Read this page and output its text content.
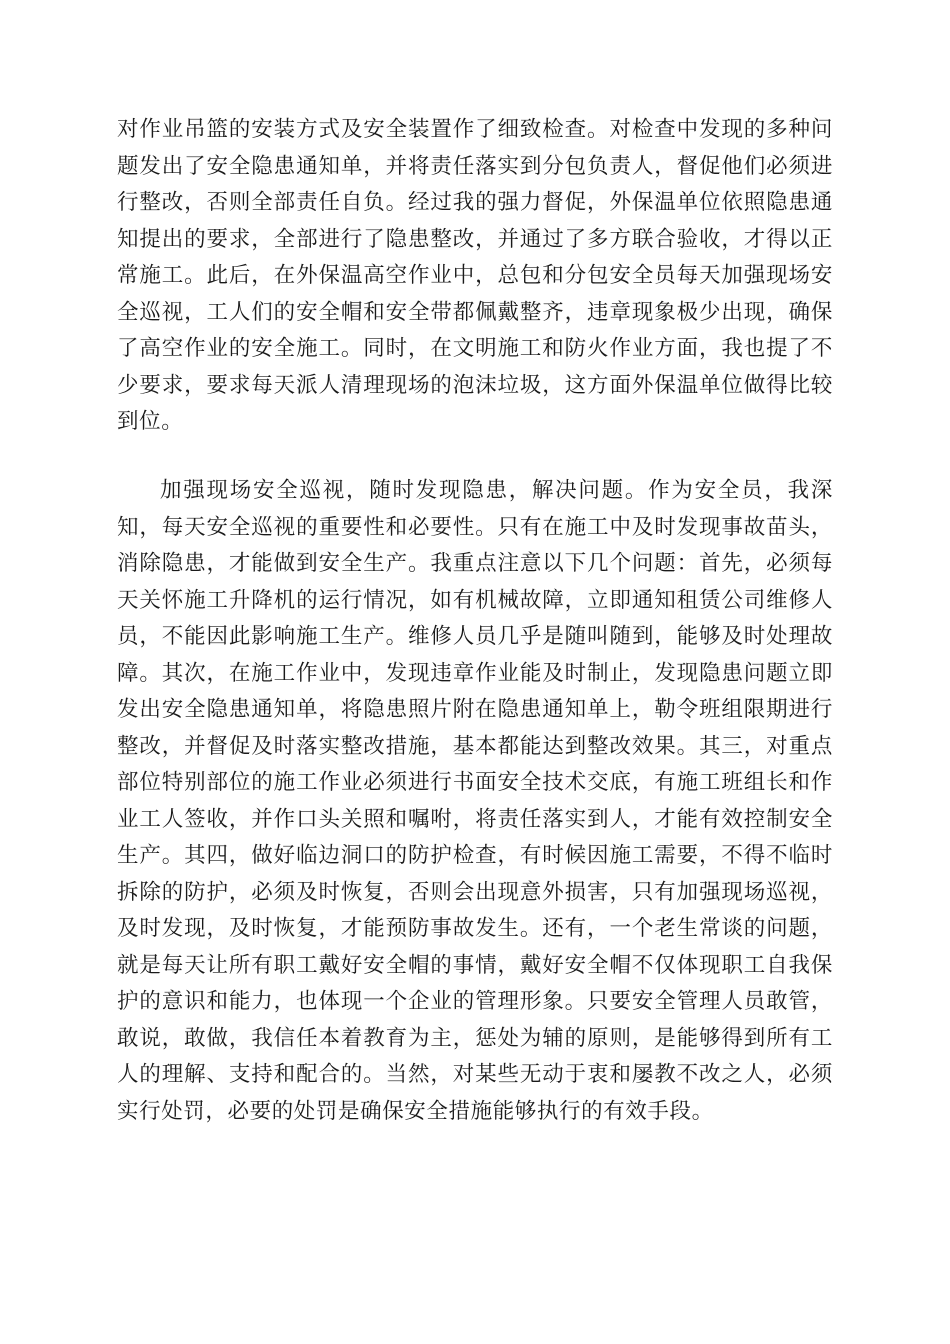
对作业吊篮的安装方式及安全装置作了细致检查。对检查中发现的多种问题发出了安全隐患通知单，并将责任落实到分包负责人，督促他们必须进行整改，否则全部责任自负。经过我的强力督促，外保温单位依照隐患通知提出的要求，全部进行了隐患整改，并通过了多方联合验收，才得以正常施工。此后，在外保温高空作业中，总包和分包安全员每天加强现场安全巡视，工人们的安全帽和安全带都佩戴整齐，违章现象极少出现，确保了高空作业的安全施工。同时，在文明施工和防火作业方面，我也提了不少要求，要求每天派人清理现场的泡沫垃圾，这方面外保温单位做得比较到位。

加强现场安全巡视，随时发现隐患，解决问题。作为安全员，我深知，每天安全巡视的重要性和必要性。只有在施工中及时发现事故苗头，消除隐患，才能做到安全生产。我重点注意以下几个问题：首先，必须每天关怀施工升降机的运行情况，如有机械故障，立即通知租赁公司维修人员，不能因此影响施工生产。维修人员几乎是随叫随到，能够及时处理故障。其次，在施工作业中，发现违章作业能及时制止，发现隐患问题立即发出安全隐患通知单，将隐患照片附在隐患通知单上，勒令班组限期进行整改，并督促及时落实整改措施，基本都能达到整改效果。其三，对重点部位特别部位的施工作业必须进行书面安全技术交底，有施工班组长和作业工人签收，并作口头关照和嘱咐，将责任落实到人，才能有效控制安全生产。其四，做好临边洞口的防护检查，有时候因施工需要，不得不临时拆除的防护，必须及时恢复，否则会出现意外损害，只有加强现场巡视，及时发现，及时恢复，才能预防事故发生。还有，一个老生常谈的问题，就是每天让所有职工戴好安全帽的事情，戴好安全帽不仅体现职工自我保护的意识和能力，也体现一个企业的管理形象。只要安全管理人员敢管，敢说，敢做，我信任本着教育为主，惩处为辅的原则，是能够得到所有工人的理解、支持和配合的。当然，对某些无动于衷和屡教不改之人，必须实行处罚，必要的处罚是确保安全措施能够执行的有效手段。
